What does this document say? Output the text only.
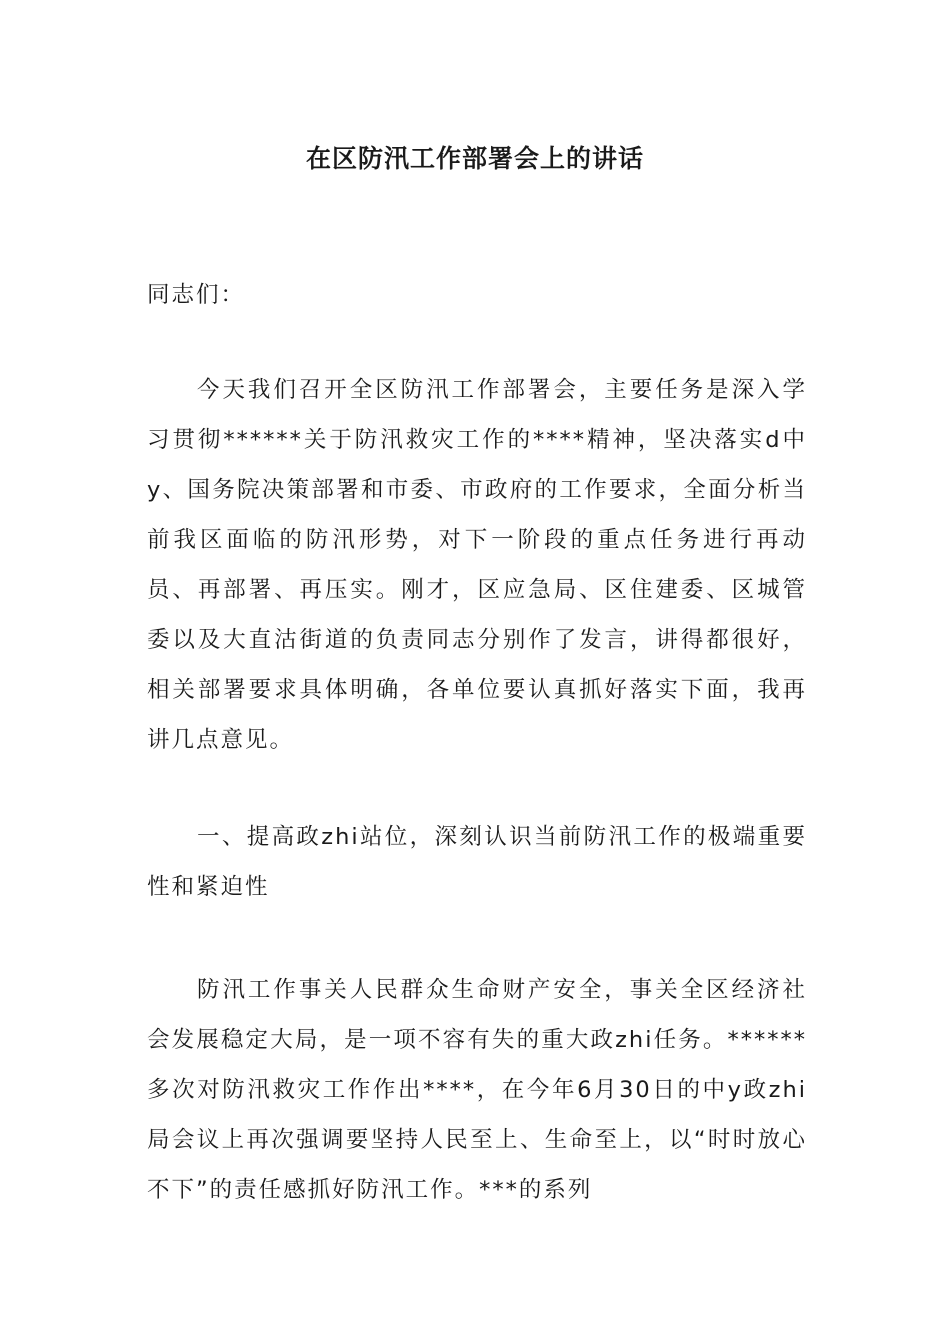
在区防汛工作部署会上的讲话

同志们：

今天我们召开全区防汛工作部署会，主要任务是深入学习贯彻******关于防汛救灾工作的****精神，坚决落实d中y、国务院决策部署和市委、市政府的工作要求，全面分析当前我区面临的防汛形势，对下一阶段的重点任务进行再动员、再部署、再压实。刚才，区应急局、区住建委、区城管委以及大直沽街道的负责同志分别作了发言，讲得都很好，相关部署要求具体明确，各单位要认真抓好落实下面，我再讲几点意见。

一、提高政zhi站位，深刻认识当前防汛工作的极端重要性和紧迫性

防汛工作事关人民群众生命财产安全，事关全区经济社会发展稳定大局，是一项不容有失的重大政zhi任务。******多次对防汛救灾工作作出****，在今年6月30日的中y政zhi局会议上再次强调要坚持人民至上、生命至上，以“时时放心不下”的责任感抓好防汛工作。***的系列
